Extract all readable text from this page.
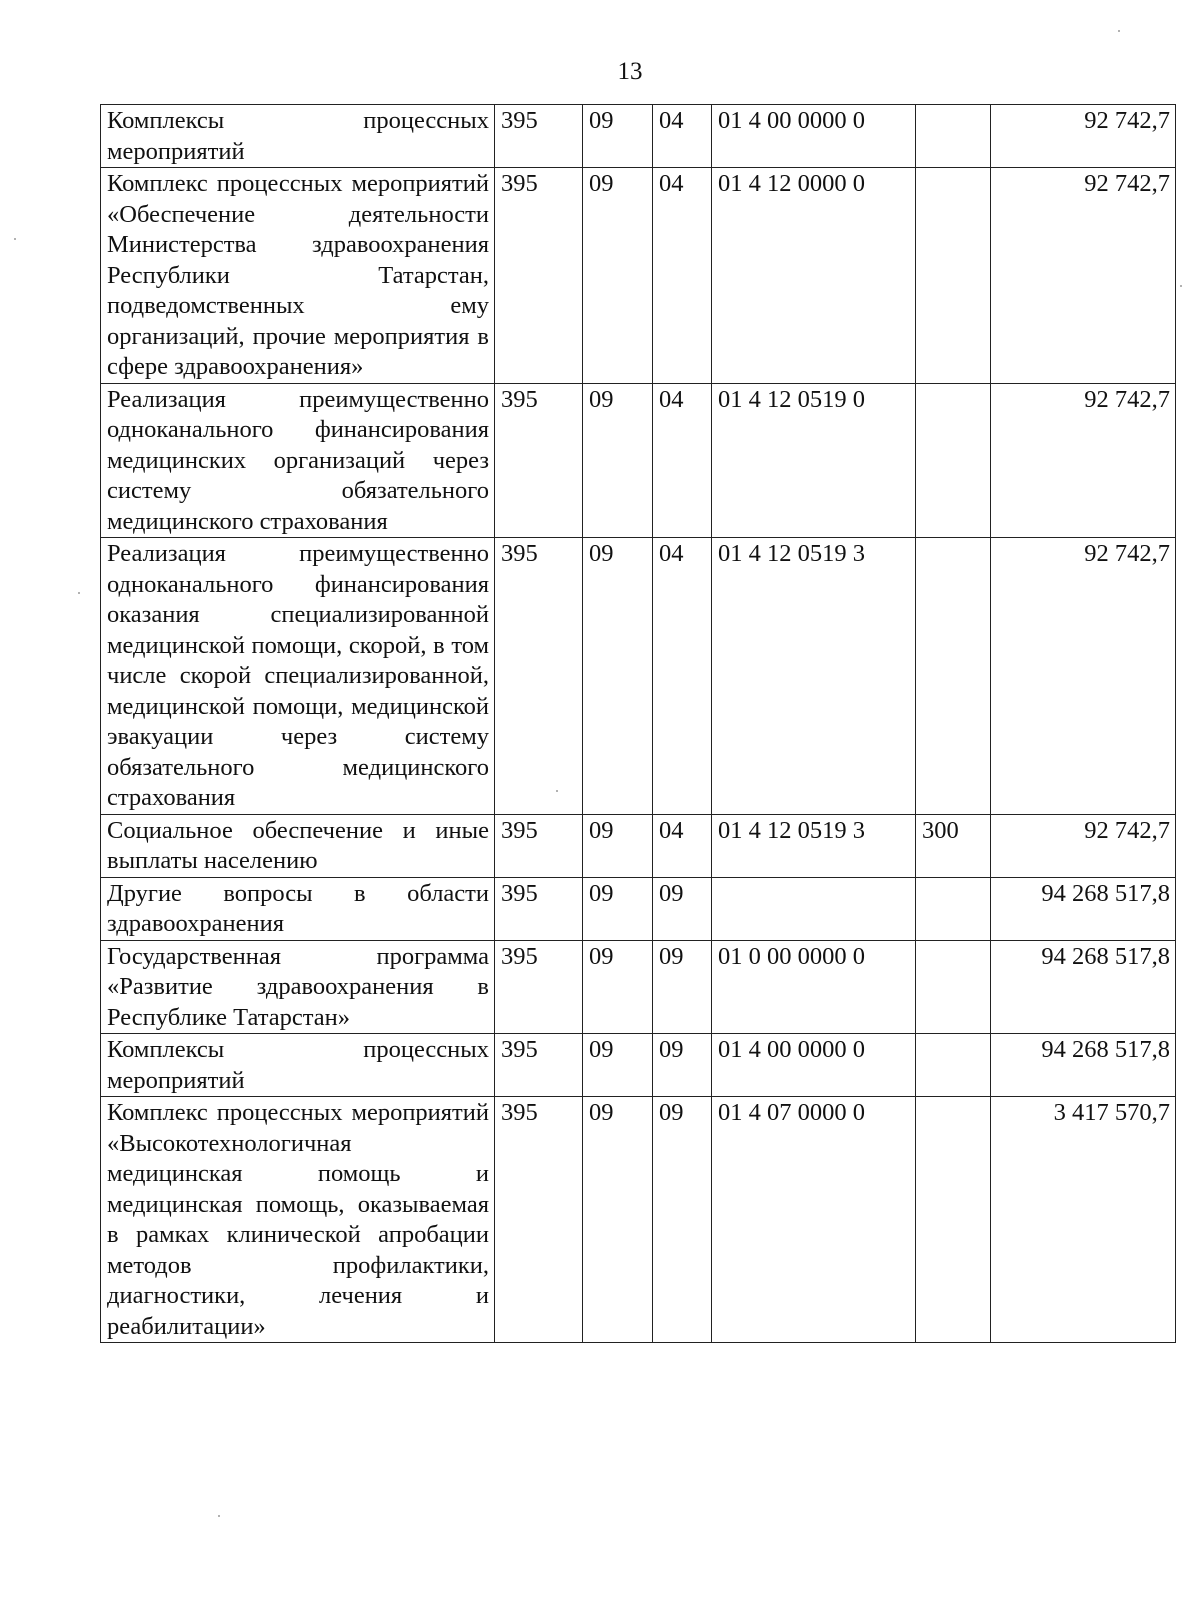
13
Комплексы процессных мероприятий	395	09	04	01 4 00 0000 0		92 742,7
Комплекс процессных мероприятий «Обеспечение деятельности Министерства здравоохранения Республики Татарстан, подведомственных ему организаций, прочие мероприятия в сфере здравоохранения»	395	09	04	01 4 12 0000 0		92 742,7
Реализация преимущественно одноканального финансирования медицинских организаций через систему обязательного медицинского страхования	395	09	04	01 4 12 0519 0		92 742,7
Реализация преимущественно одноканального финансирования оказания специализированной медицинской помощи, скорой, в том числе скорой специализированной, медицинской помощи, медицинской эвакуации через систему обязательного медицинского страхования	395	09	04	01 4 12 0519 3		92 742,7
Социальное обеспечение и иные выплаты населению	395	09	04	01 4 12 0519 3	300	92 742,7
Другие вопросы в области здравоохранения	395	09	09			94 268 517,8
Государственная программа «Развитие здравоохранения в Республике Татарстан»	395	09	09	01 0 00 0000 0		94 268 517,8
Комплексы процессных мероприятий	395	09	09	01 4 00 0000 0		94 268 517,8
Комплекс процессных мероприятий «Высокотехнологичная медицинская помощь и медицинская помощь, оказываемая в рамках клинической апробации методов профилактики, диагностики, лечения и реабилитации»	395	09	09	01 4 07 0000 0		3 417 570,7
